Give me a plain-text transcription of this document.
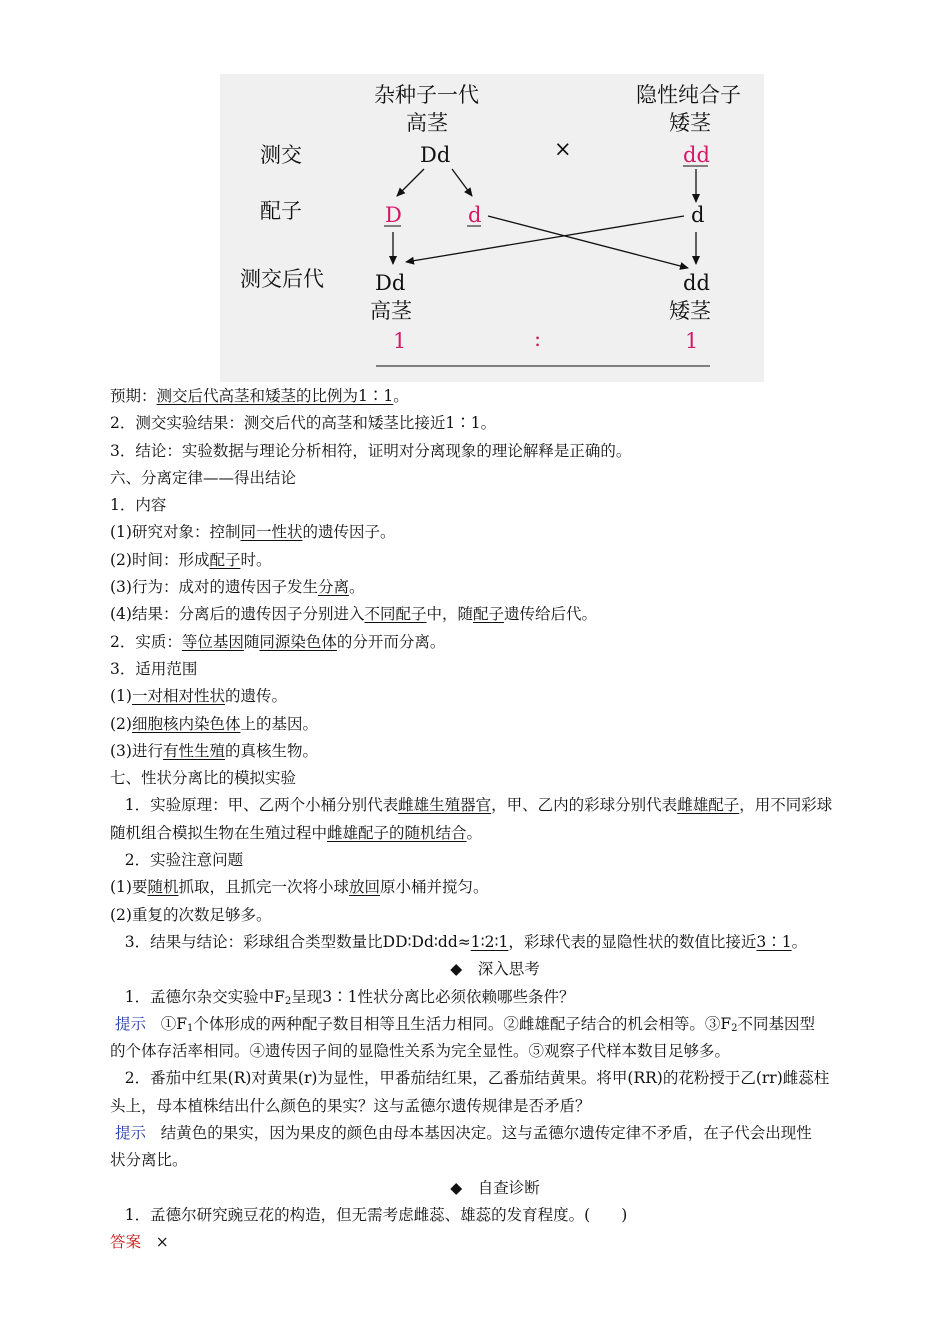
杂种子一代
高茎
隐性纯合子
矮茎
测交
配子
测交后代
Dd	×	dd
D	d	d
Dd	dd
高茎	矮茎
1	:	1
预期：测交后代高茎和矮茎的比例为1∶1。
2．测交实验结果：测交后代的高茎和矮茎比接近1∶1。
3．结论：实验数据与理论分析相符，证明对分离现象的理论解释是正确的。
六、分离定律——得出结论
1．内容
(1)研究对象：控制同一性状的遗传因子。
(2)时间：形成配子时。
(3)行为：成对的遗传因子发生分离。
(4)结果：分离后的遗传因子分别进入不同配子中，随配子遗传给后代。
2．实质：等位基因随同源染色体的分开而分离。
3．适用范围
(1)一对相对性状的遗传。
(2)细胞核内染色体上的基因。
(3)进行有性生殖的真核生物。
七、性状分离比的模拟实验
1．实验原理：甲、乙两个小桶分别代表雌雄生殖器官，甲、乙内的彩球分别代表雌雄配子，用不同彩球
随机组合模拟生物在生殖过程中雌雄配子的随机结合。
2．实验注意问题
(1)要随机抓取，且抓完一次将小球放回原小桶并搅匀。
(2)重复的次数足够多。
3．结果与结论：彩球组合类型数量比DD∶Dd∶dd≈1∶2∶1，彩球代表的显隐性状的数值比接近3∶1。
◆　深入思考
1．孟德尔杂交实验中$F_2$呈现3∶1性状分离比必须依赖哪些条件？
提示 $①F_1$个体形成的两种配子数目相等且生活力相同。②雌雄配子结合的机会相等。$③F_2$不同基因型
的个体存活率相同。④遗传因子间的显隐性关系为完全显性。⑤观察子代样本数目足够多。
2．番茄中红果(R)对黄果(r)为显性，甲番茄结红果，乙番茄结黄果。将甲(RR)的花粉授于乙(rr)雌蕊柱
头上，母本植株结出什么颜色的果实？这与孟德尔遗传规律是否矛盾？
提示 结黄色的果实，因为果皮的颜色由母本基因决定。这与孟德尔遗传定律不矛盾，在子代会出现性
状分离比。
◆　自查诊断
1．孟德尔研究豌豆花的构造，但无需考虑雌蕊、雄蕊的发育程度。(　　)
答案 ×
